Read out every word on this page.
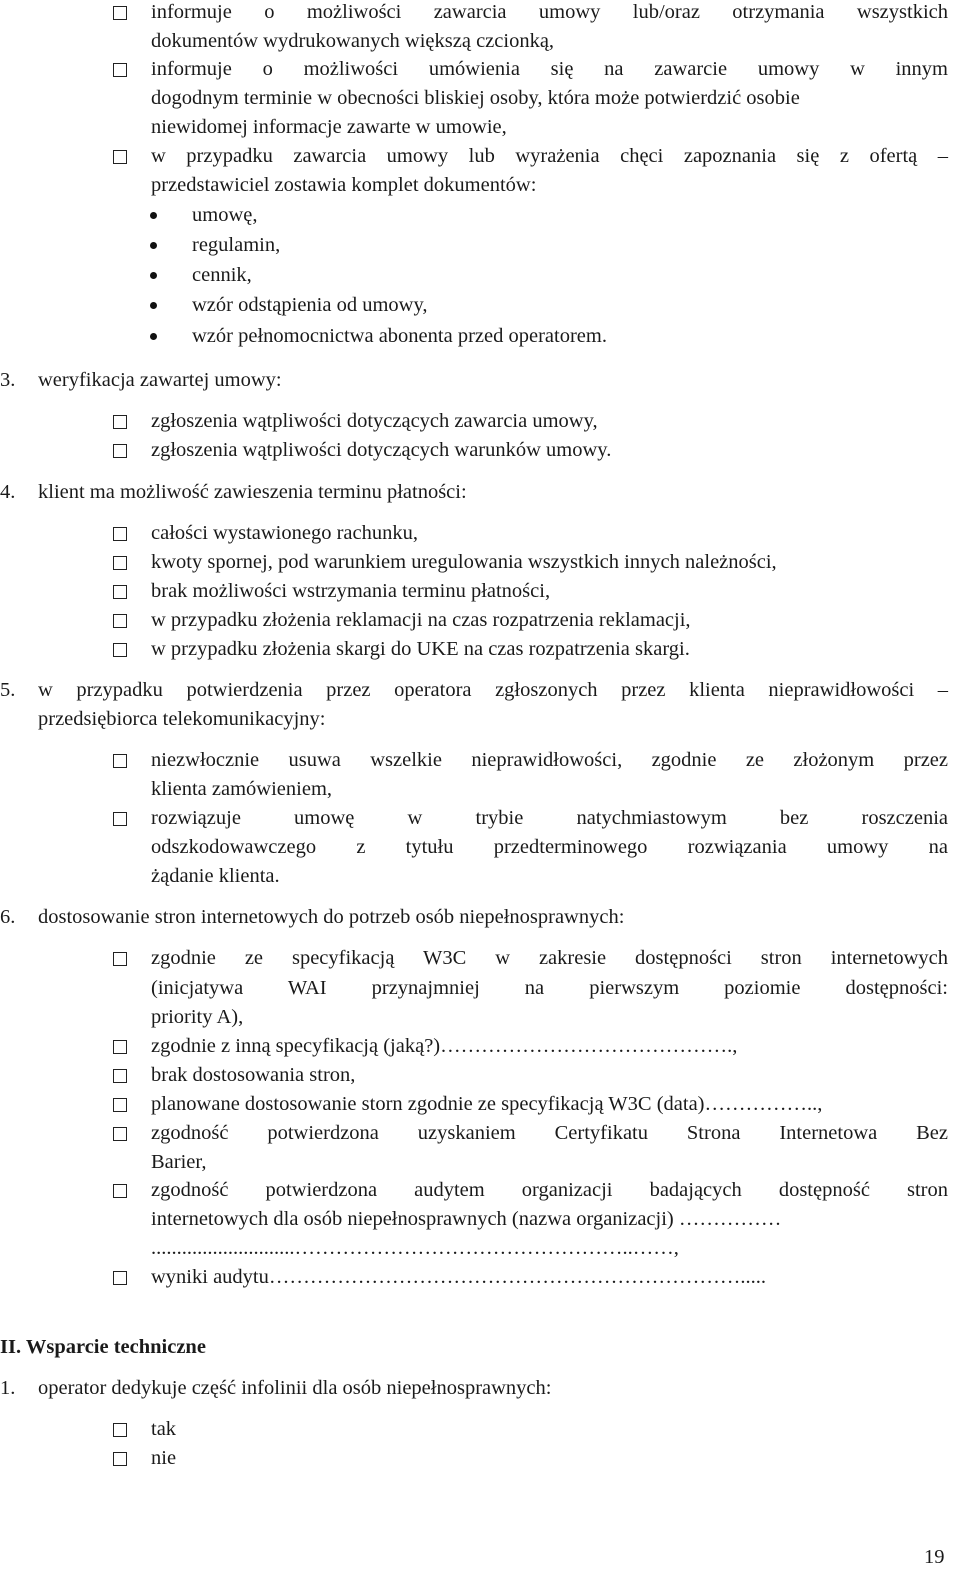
informuje o możliwości zawarcia umowy lub/oraz otrzymania wszystkich
dokumentów wydrukowanych większą czcionką,
informuje o możliwości umówienia się na zawarcie umowy w innym
dogodnym terminie w obecności bliskiej osoby, która może potwierdzić osobie
niewidomej informacje zawarte w umowie,
w przypadku zawarcia umowy lub wyrażenia chęci zapoznania się z ofertą –
przedstawiciel zostawia komplet dokumentów:
umowę,
regulamin,
cennik,
wzór odstąpienia od umowy,
wzór pełnomocnictwa abonenta przed operatorem.
3. weryfikacja zawartej umowy:
zgłoszenia wątpliwości dotyczących zawarcia umowy,
zgłoszenia wątpliwości dotyczących warunków umowy.
4. klient ma możliwość zawieszenia terminu płatności:
całości wystawionego rachunku,
kwoty spornej, pod warunkiem uregulowania wszystkich innych należności,
brak możliwości wstrzymania terminu płatności,
w przypadku złożenia reklamacji na czas rozpatrzenia reklamacji,
w przypadku złożenia skargi do UKE na czas rozpatrzenia skargi.
5. w przypadku potwierdzenia przez operatora zgłoszonych przez klienta nieprawidłowości –
przedsiębiorca telekomunikacyjny:
niezwłocznie usuwa wszelkie nieprawidłowości, zgodnie ze złożonym przez
klienta zamówieniem,
rozwiązuje umowę w trybie natychmiastowym bez roszczenia
odszkodowawczego z tytułu przedterminowego rozwiązania umowy na
żądanie klienta.
6. dostosowanie stron internetowych do potrzeb osób niepełnosprawnych:
zgodnie ze specyfikacją W3C w zakresie dostępności stron internetowych
(inicjatywa WAI przynajmniej na pierwszym poziomie dostępności:
priority A),
zgodnie z inną specyfikacją (jaką?)…………………………………….,
brak dostosowania stron,
planowane dostosowanie storn zgodnie ze specyfikacją W3C (data)……………..,
zgodność potwierdzona uzyskaniem Certyfikatu Strona Internetowa Bez
Barier,
zgodność potwierdzona audytem organizacji badających dostępność stron
internetowych dla osób niepełnosprawnych (nazwa organizacji) ……………
............................…………………………………………..……,
wyniki audytu…………………………………………………………….....
II. Wsparcie techniczne
1. operator dedykuje część infolinii dla osób niepełnosprawnych:
tak
nie
19
